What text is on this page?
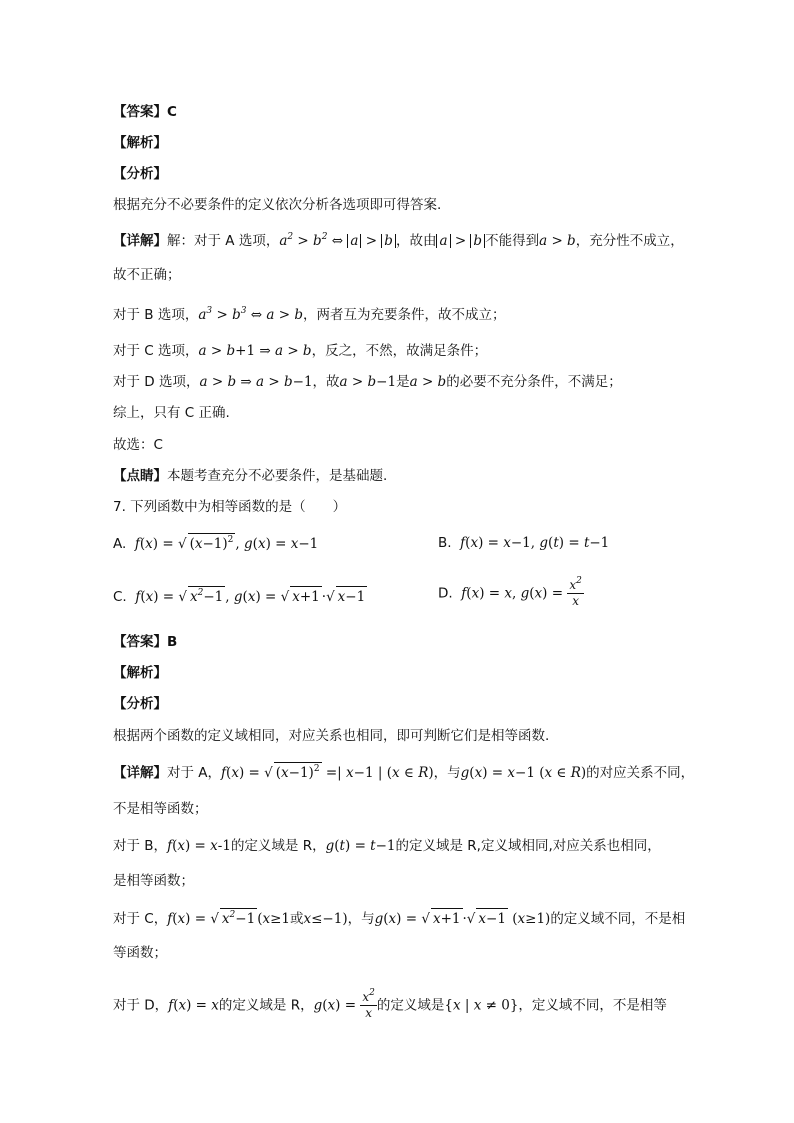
【答案】C
【解析】
【分析】
根据充分不必要条件的定义依次分析各选项即可得答案.
【详解】解：对于 A 选项，$a^2 > b^2$ ⇔ a > b ，故由 a > b 不能得到a > b，充分性不成立，
故不正确；
对于 B 选项，$a^3 > b^3$ ⇔ a > b，两者互为充要条件，故不成立；
对于 C 选项，a > b+1 ⇒ a > b，反之，不然，故满足条件；
对于 D 选项，a > b ⇒ a > b−1，故a > b−1是a > b的必要不充分条件，不满足；
综上，只有 C 正确.
故选：C
【点睛】本题考查充分不必要条件，是基础题.
7. 下列函数中为相等函数的是（　　）
A. f(x) = √ $(x-1)^2$ , g(x) = x−1	B. f(x) = x−1, g(t) = t−1
C. f(x) = √ $x^2-1$ , g(x) = √ x+1 ·√ x−1	D. f(x) = x, $g(x) = \frac{x^2}{x}$
【答案】B
【解析】
【分析】
根据两个函数的定义域相同，对应关系也相同，即可判断它们是相等函数.
【详解】对于 A，f(x) = √ $(x-1)^2$ =| x−1 | (x ∈ R)，与g(x) = x−1 (x ∈ R)的对应关系不同，
不是相等函数；
对于 B，f(x) = x-1的定义域是 R，g(t) = t−1的定义域是 R,定义域相同,对应关系也相同，
是相等函数；
对于 C，f(x) = √ $x^2-1$ (x≥1或x≤−1)，与g(x) = √ x+1 ·√ x−1 (x≥1)的定义域不同，不是相
等函数；
对于 D，f(x) = x的定义域是 R，$g(x) = \frac{x^2}{x}$ 的定义域是{x | x ≠ 0}，定义域不同，不是相等
